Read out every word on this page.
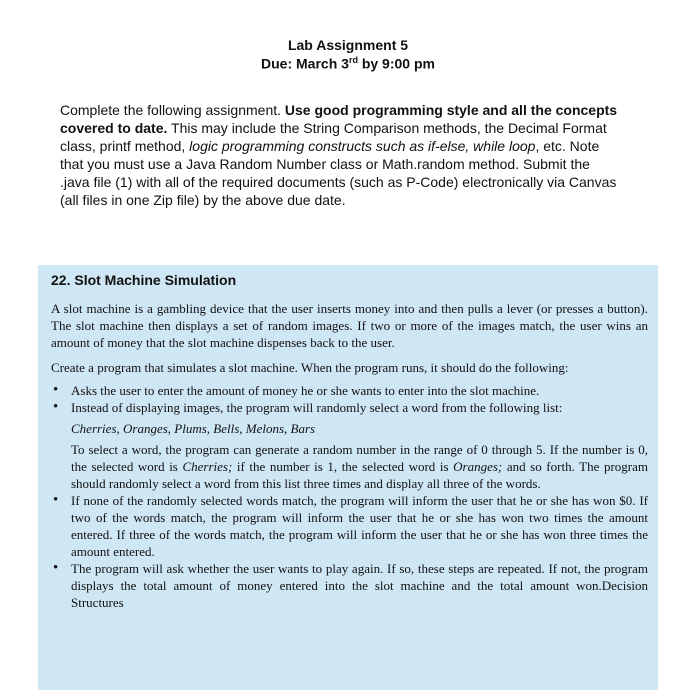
Lab Assignment 5
Due: March 3rd by 9:00 pm
Complete the following assignment. Use good programming style and all the concepts covered to date. This may include the String Comparison methods, the Decimal Format class, printf method, logic programming constructs such as if-else, while loop, etc. Note that you must use a Java Random Number class or Math.random method. Submit the .java file (1) with all of the required documents (such as P-Code) electronically via Canvas (all files in one Zip file) by the above due date.
22. Slot Machine Simulation

A slot machine is a gambling device that the user inserts money into and then pulls a lever (or presses a button). The slot machine then displays a set of random images. If two or more of the images match, the user wins an amount of money that the slot machine dispenses back to the user.

Create a program that simulates a slot machine. When the program runs, it should do the following:

• Asks the user to enter the amount of money he or she wants to enter into the slot machine.
• Instead of displaying images, the program will randomly select a word from the following list:
Cherries, Oranges, Plums, Bells, Melons, Bars
To select a word, the program can generate a random number in the range of 0 through 5. If the number is 0, the selected word is Cherries; if the number is 1, the selected word is Oranges; and so forth. The program should randomly select a word from this list three times and display all three of the words.
• If none of the randomly selected words match, the program will inform the user that he or she has won $0. If two of the words match, the program will inform the user that he or she has won two times the amount entered. If three of the words match, the program will inform the user that he or she has won three times the amount entered.
• The program will ask whether the user wants to play again. If so, these steps are repeated. If not, the program displays the total amount of money entered into the slot machine and the total amount won.Decision Structures
